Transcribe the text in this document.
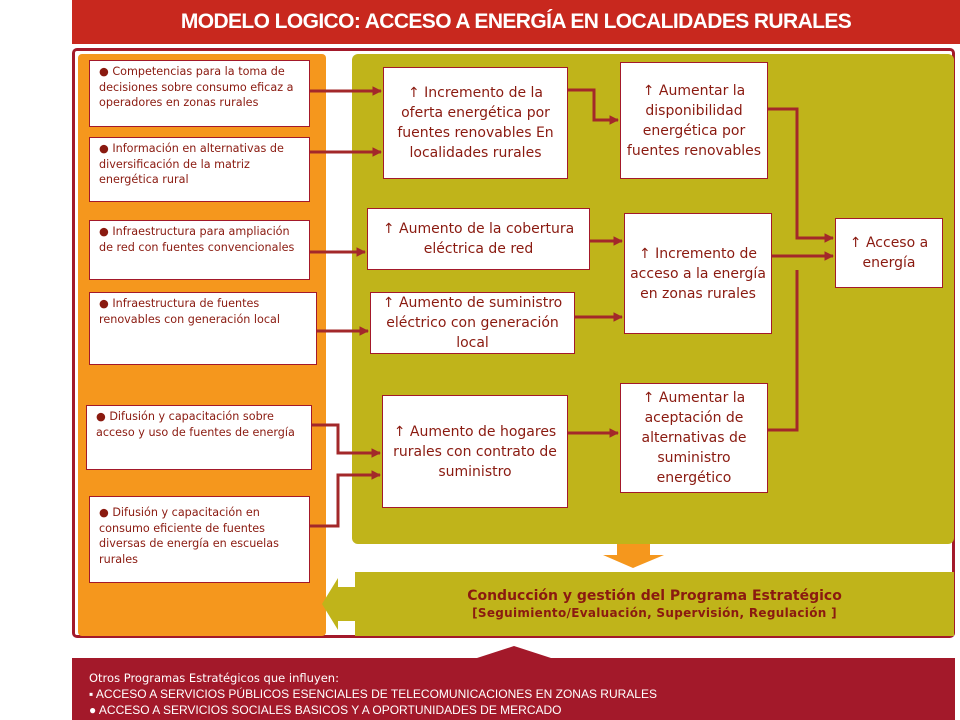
MODELO LOGICO: ACCESO A ENERGÍA EN LOCALIDADES RURALES
● Competencias para la toma de decisiones sobre consumo eficaz a operadores en zonas rurales
● Información en alternativas de diversificación de la matriz energética rural
● Infraestructura para ampliación de red con fuentes convencionales
● Infraestructura de fuentes renovables con generación local
● Difusión y capacitación sobre acceso y uso de fuentes de energía
● Difusión y capacitación en consumo eficiente de fuentes diversas de energía en escuelas rurales
↑ Incremento de la oferta energética por fuentes renovables En localidades rurales
↑ Aumento de la cobertura eléctrica de red
↑ Aumento de suministro eléctrico con generación local
↑ Aumento de hogares rurales con contrato de suministro
↑ Aumentar la disponibilidad energética por fuentes renovables
↑ Incremento de acceso a la energía en zonas rurales
↑ Aumentar la aceptación de alternativas de suministro energético
↑ Acceso a energía
Conducción y gestión del Programa Estratégico
[Seguimiento/Evaluación, Supervisión, Regulación ]
Otros Programas Estratégicos que influyen:
▪ ACCESO A SERVICIOS PÚBLICOS ESENCIALES DE TELECOMUNICACIONES EN ZONAS RURALES
● ACCESO A SERVICIOS SOCIALES BASICOS Y A OPORTUNIDADES DE MERCADO
